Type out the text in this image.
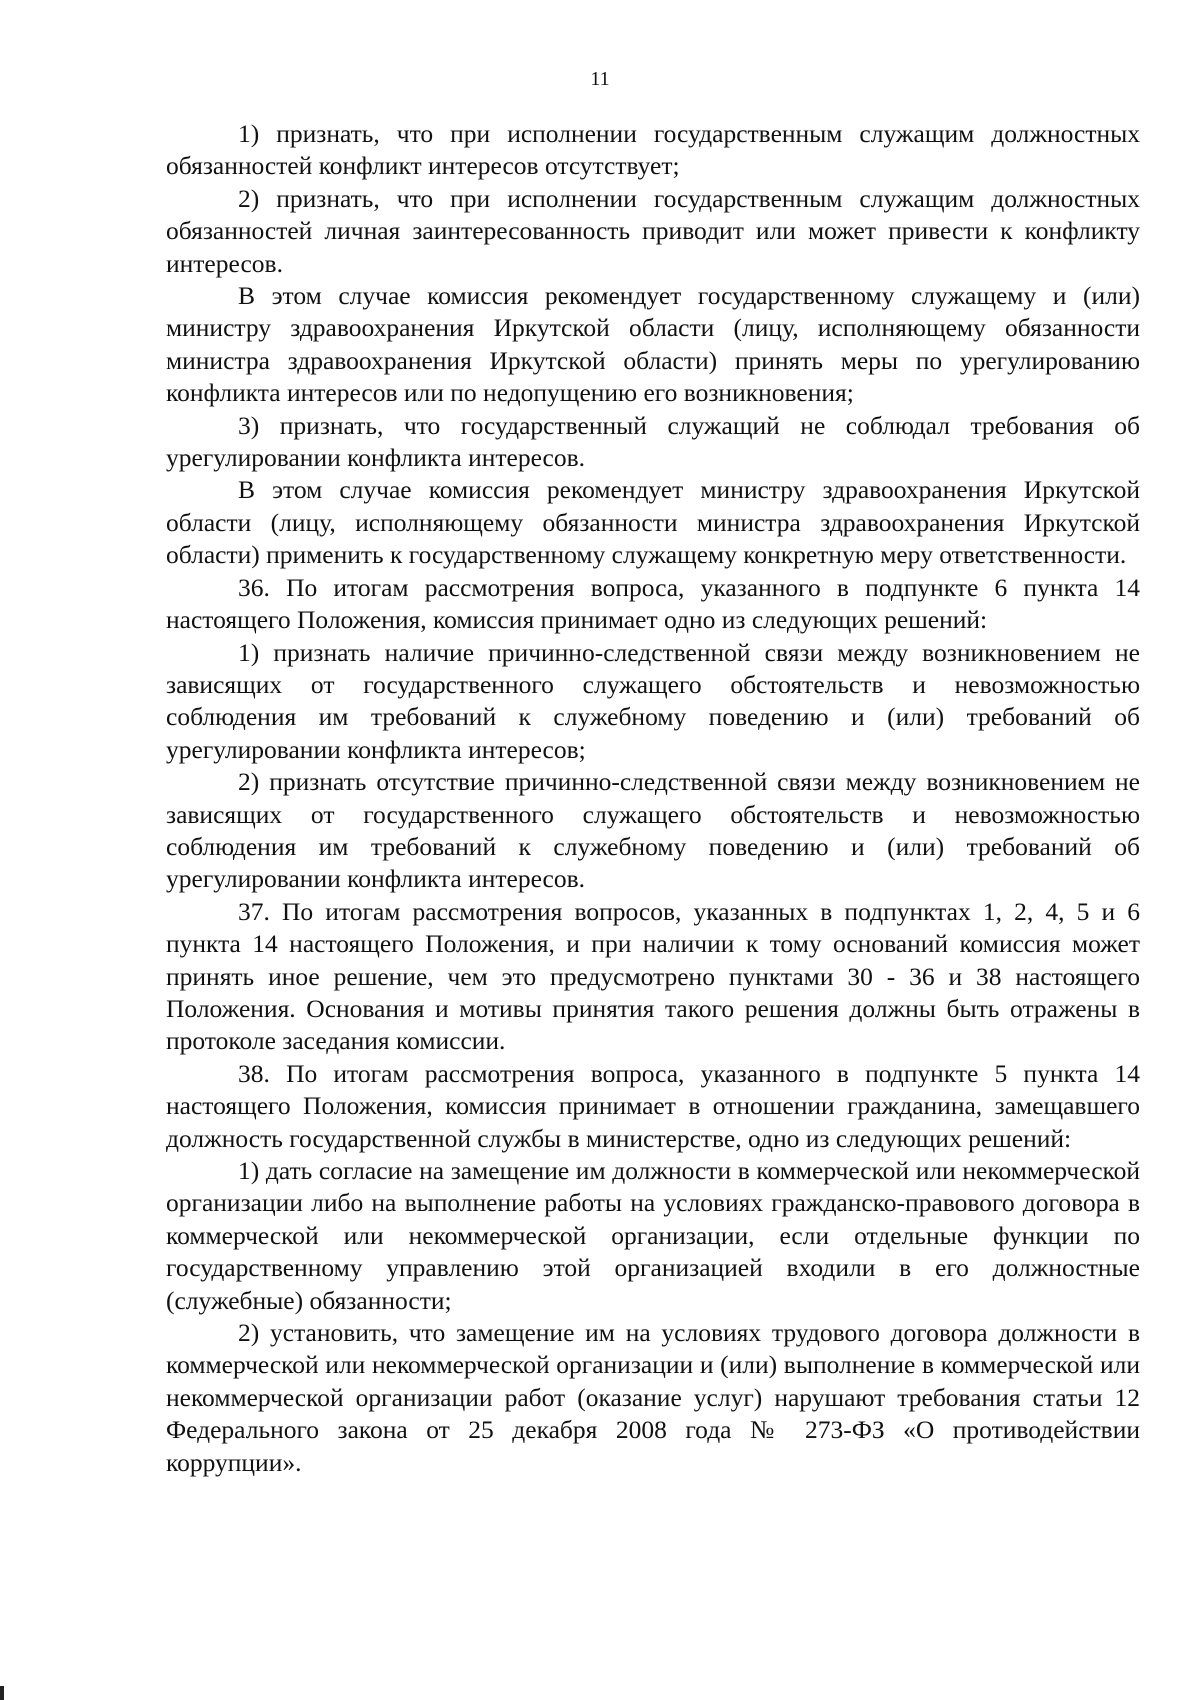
11

1) признать, что при исполнении государственным служащим должностных обязанностей конфликт интересов отсутствует;

2) признать, что при исполнении государственным служащим должностных обязанностей личная заинтересованность приводит или может привести к конфликту интересов.

В этом случае комиссия рекомендует государственному служащему и (или) министру здравоохранения Иркутской области (лицу, исполняющему обязанности министра здравоохранения Иркутской области) принять меры по урегулированию конфликта интересов или по недопущению его возникновения;

3) признать, что государственный служащий не соблюдал требования об урегулировании конфликта интересов.

В этом случае комиссия рекомендует министру здравоохранения Иркутской области (лицу, исполняющему обязанности министра здравоохранения Иркутской области) применить к государственному служащему конкретную меру ответственности.

36. По итогам рассмотрения вопроса, указанного в подпункте 6 пункта 14 настоящего Положения, комиссия принимает одно из следующих решений:

1) признать наличие причинно-следственной связи между возникновением не зависящих от государственного служащего обстоятельств и невозможностью соблюдения им требований к служебному поведению и (или) требований об урегулировании конфликта интересов;

2) признать отсутствие причинно-следственной связи между возникновением не зависящих от государственного служащего обстоятельств и невозможностью соблюдения им требований к служебному поведению и (или) требований об урегулировании конфликта интересов.

37. По итогам рассмотрения вопросов, указанных в подпунктах 1, 2, 4, 5 и 6 пункта 14 настоящего Положения, и при наличии к тому оснований комиссия может принять иное решение, чем это предусмотрено пунктами 30 - 36 и 38 настоящего Положения. Основания и мотивы принятия такого решения должны быть отражены в протоколе заседания комиссии.

38. По итогам рассмотрения вопроса, указанного в подпункте 5 пункта 14 настоящего Положения, комиссия принимает в отношении гражданина, замещавшего должность государственной службы в министерстве, одно из следующих решений:

1) дать согласие на замещение им должности в коммерческой или некоммерческой организации либо на выполнение работы на условиях гражданско-правового договора в коммерческой или некоммерческой организации, если отдельные функции по государственному управлению этой организацией входили в его должностные (служебные) обязанности;

2) установить, что замещение им на условиях трудового договора должности в коммерческой или некоммерческой организации и (или) выполнение в коммерческой или некоммерческой организации работ (оказание услуг) нарушают требования статьи 12 Федерального закона от 25 декабря 2008 года № 273-ФЗ «О противодействии коррупции».
